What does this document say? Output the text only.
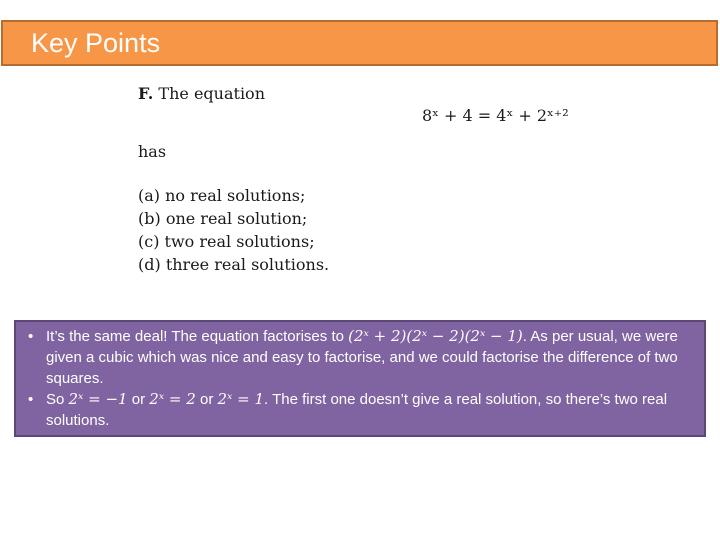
Key Points
F. The equation
8ˣ + 4 = 4ˣ + 2ˣ⁺²
has
(a) no real solutions;
(b) one real solution;
(c) two real solutions;
(d) three real solutions.
• It’s the same deal! The equation factorises to (2ˣ + 2)(2ˣ − 2)(2ˣ − 1). As per usual, we were given a cubic which was nice and easy to factorise, and we could factorise the difference of two squares.
• So 2ˣ = −1 or 2ˣ = 2 or 2ˣ = 1. The first one doesn’t give a real solution, so there’s two real solutions.
